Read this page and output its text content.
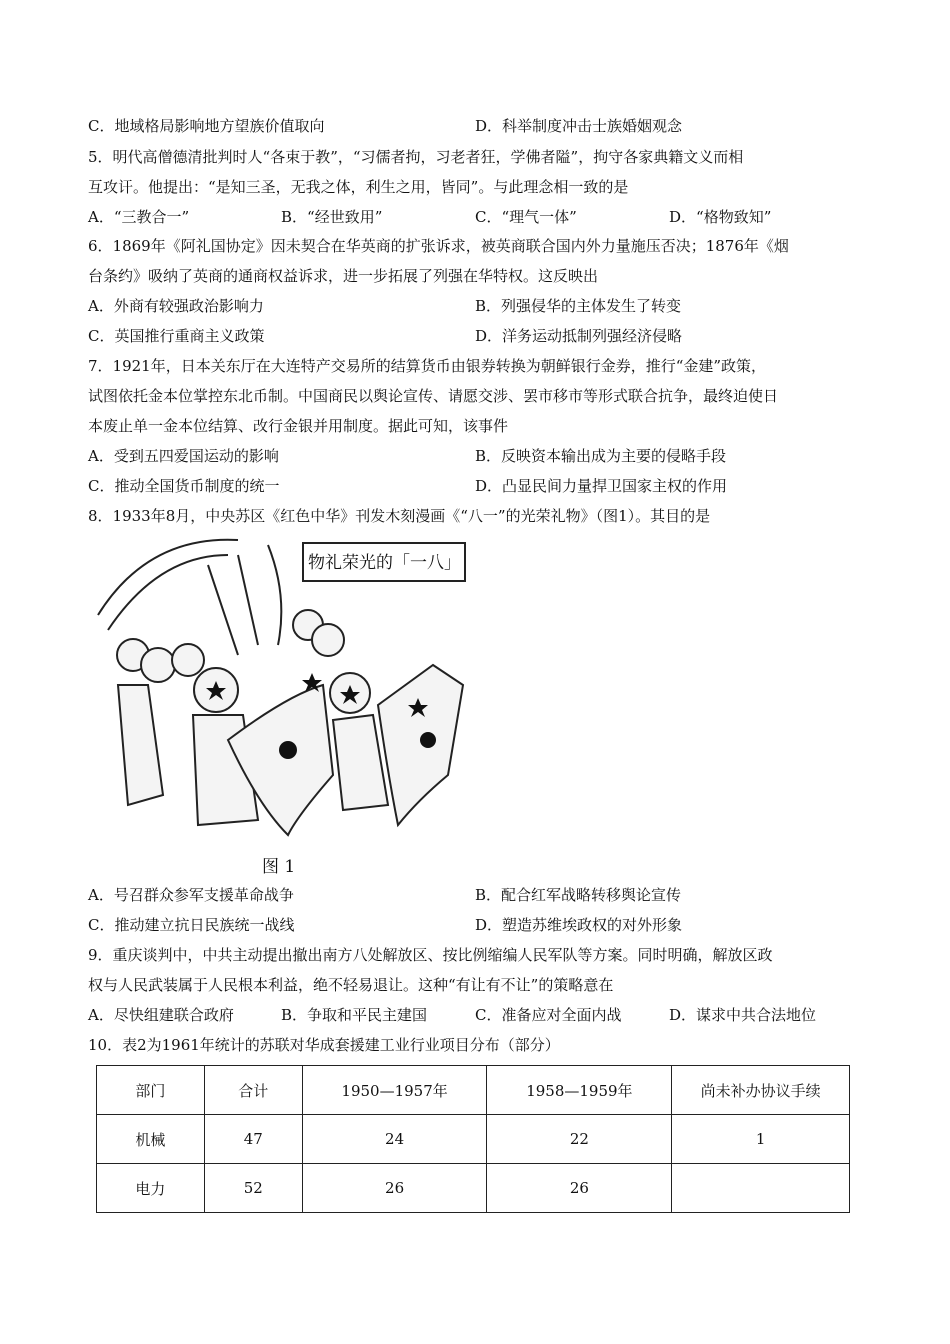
C．地域格局影响地方望族价值取向	D．科举制度冲击士族婚姻观念
5．明代高僧德清批判时人“各束于教”，“习儒者拘，习老者狂，学佛者隘”，拘守各家典籍文义而相
互攻讦。他提出：“是知三圣，无我之体，利生之用，皆同”。与此理念相一致的是
A．“三教合一”	B．“经世致用”	C．“理气一体”	D．“格物致知”
6．1869年《阿礼国协定》因未契合在华英商的扩张诉求，被英商联合国内外力量施压否决；1876年《烟
台条约》吸纳了英商的通商权益诉求，进一步拓展了列强在华特权。这反映出
A．外商有较强政治影响力	B．列强侵华的主体发生了转变
C．英国推行重商主义政策	D．洋务运动抵制列强经济侵略
7．1921年，日本关东厅在大连特产交易所的结算货币由银券转换为朝鲜银行金券，推行“金建”政策，
试图依托金本位掌控东北币制。中国商民以舆论宣传、请愿交涉、罢市移市等形式联合抗争，最终迫使日
本废止单一金本位结算、改行金银并用制度。据此可知，该事件
A．受到五四爱国运动的影响	B．反映资本输出成为主要的侵略手段
C．推动全国货币制度的统一	D．凸显民间力量捍卫国家主权的作用
8．1933年8月，中央苏区《红色中华》刊发木刻漫画《“八一”的光荣礼物》（图1）。其目的是
物礼荣光的「一八」
图 1
A．号召群众参军支援革命战争	B．配合红军战略转移舆论宣传
C．推动建立抗日民族统一战线	D．塑造苏维埃政权的对外形象
9．重庆谈判中，中共主动提出撤出南方八处解放区、按比例缩编人民军队等方案。同时明确，解放区政
权与人民武装属于人民根本利益，绝不轻易退让。这种“有让有不让”的策略意在
A．尽快组建联合政府	B．争取和平民主建国	C．准备应对全面内战	D．谋求中共合法地位
10．表2为1961年统计的苏联对华成套援建工业行业项目分布（部分）
部门	合计	1950—1957年	1958—1959年	尚未补办协议手续
机械	47	24	22	1
电力	52	26	26	
